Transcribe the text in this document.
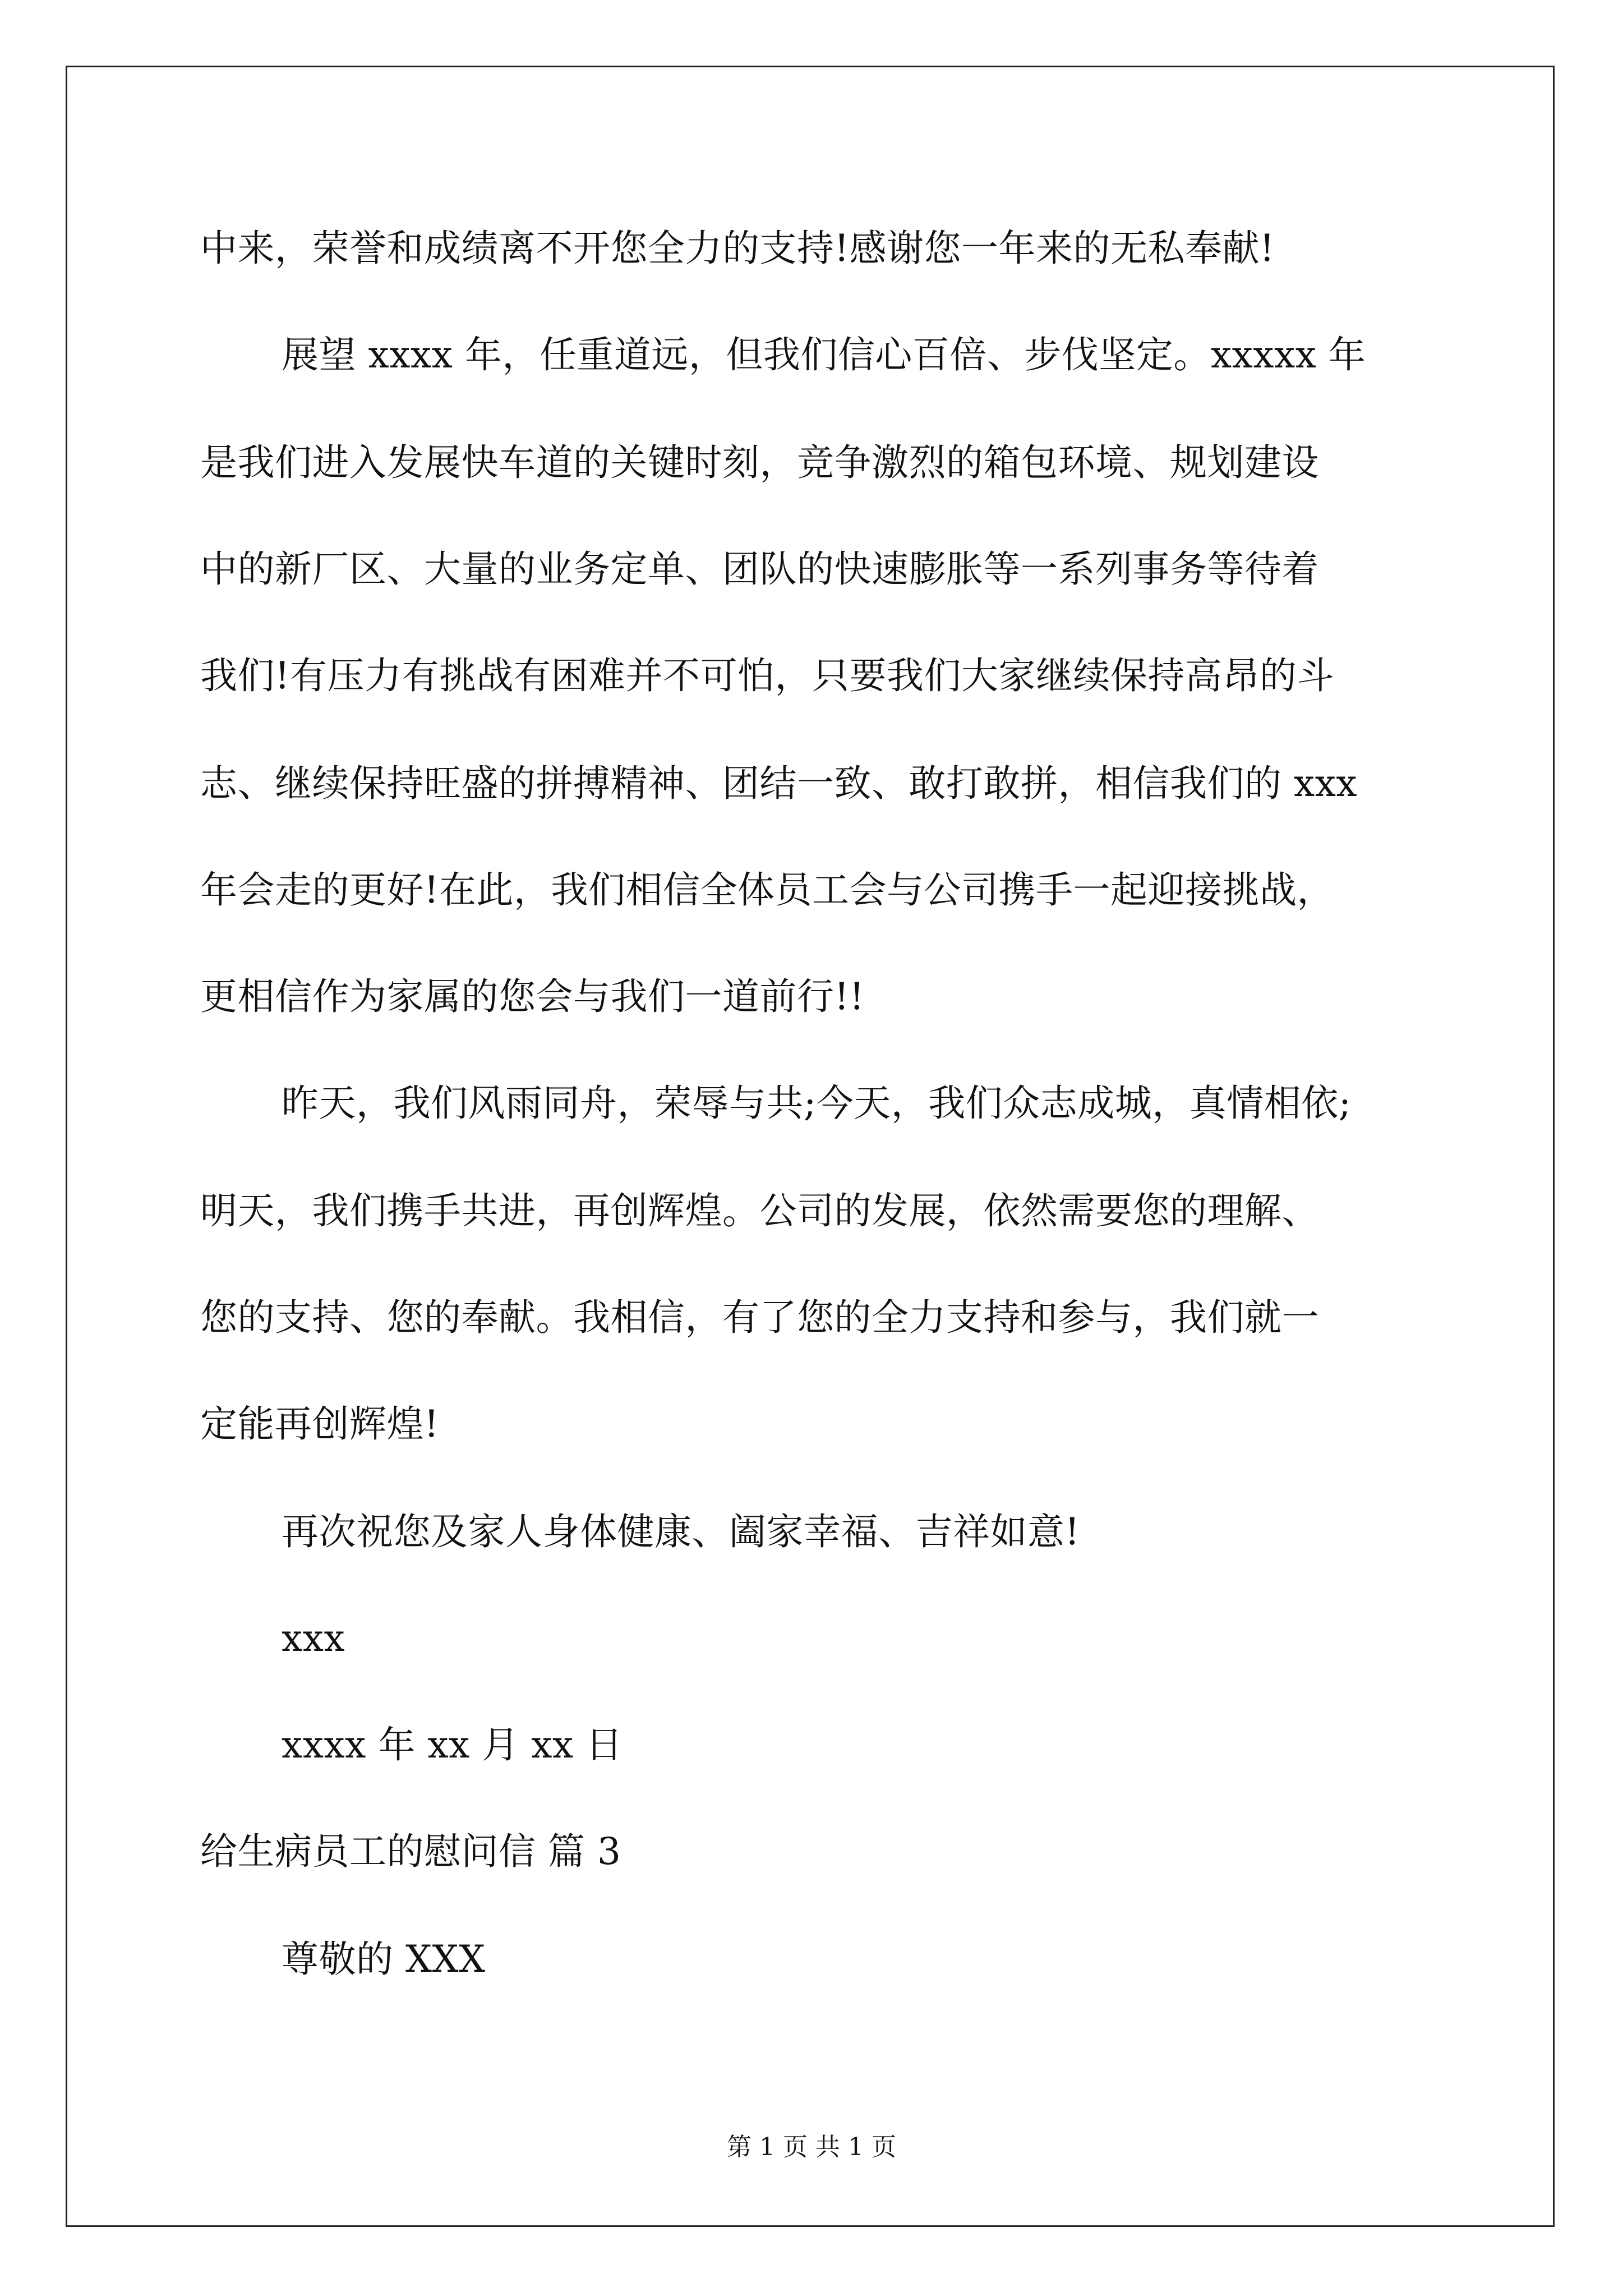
中来，荣誉和成绩离不开您全力的支持!感谢您一年来的无私奉献!
展望 xxxx 年，任重道远，但我们信心百倍、步伐坚定。xxxxx 年
是我们进入发展快车道的关键时刻，竞争激烈的箱包环境、规划建设
中的新厂区、大量的业务定单、团队的快速膨胀等一系列事务等待着
我们!有压力有挑战有困难并不可怕，只要我们大家继续保持高昂的斗
志、继续保持旺盛的拼搏精神、团结一致、敢打敢拼，相信我们的 xxx
年会走的更好!在此，我们相信全体员工会与公司携手一起迎接挑战，
更相信作为家属的您会与我们一道前行!!
昨天，我们风雨同舟，荣辱与共;今天，我们众志成城，真情相依;
明天，我们携手共进，再创辉煌。公司的发展，依然需要您的理解、
您的支持、您的奉献。我相信，有了您的全力支持和参与，我们就一
定能再创辉煌!
再次祝您及家人身体健康、阖家幸福、吉祥如意!
xxx
xxxx 年 xx 月 xx 日
给生病员工的慰问信 篇 3
尊敬的 XXX
第 1 页 共 1 页
